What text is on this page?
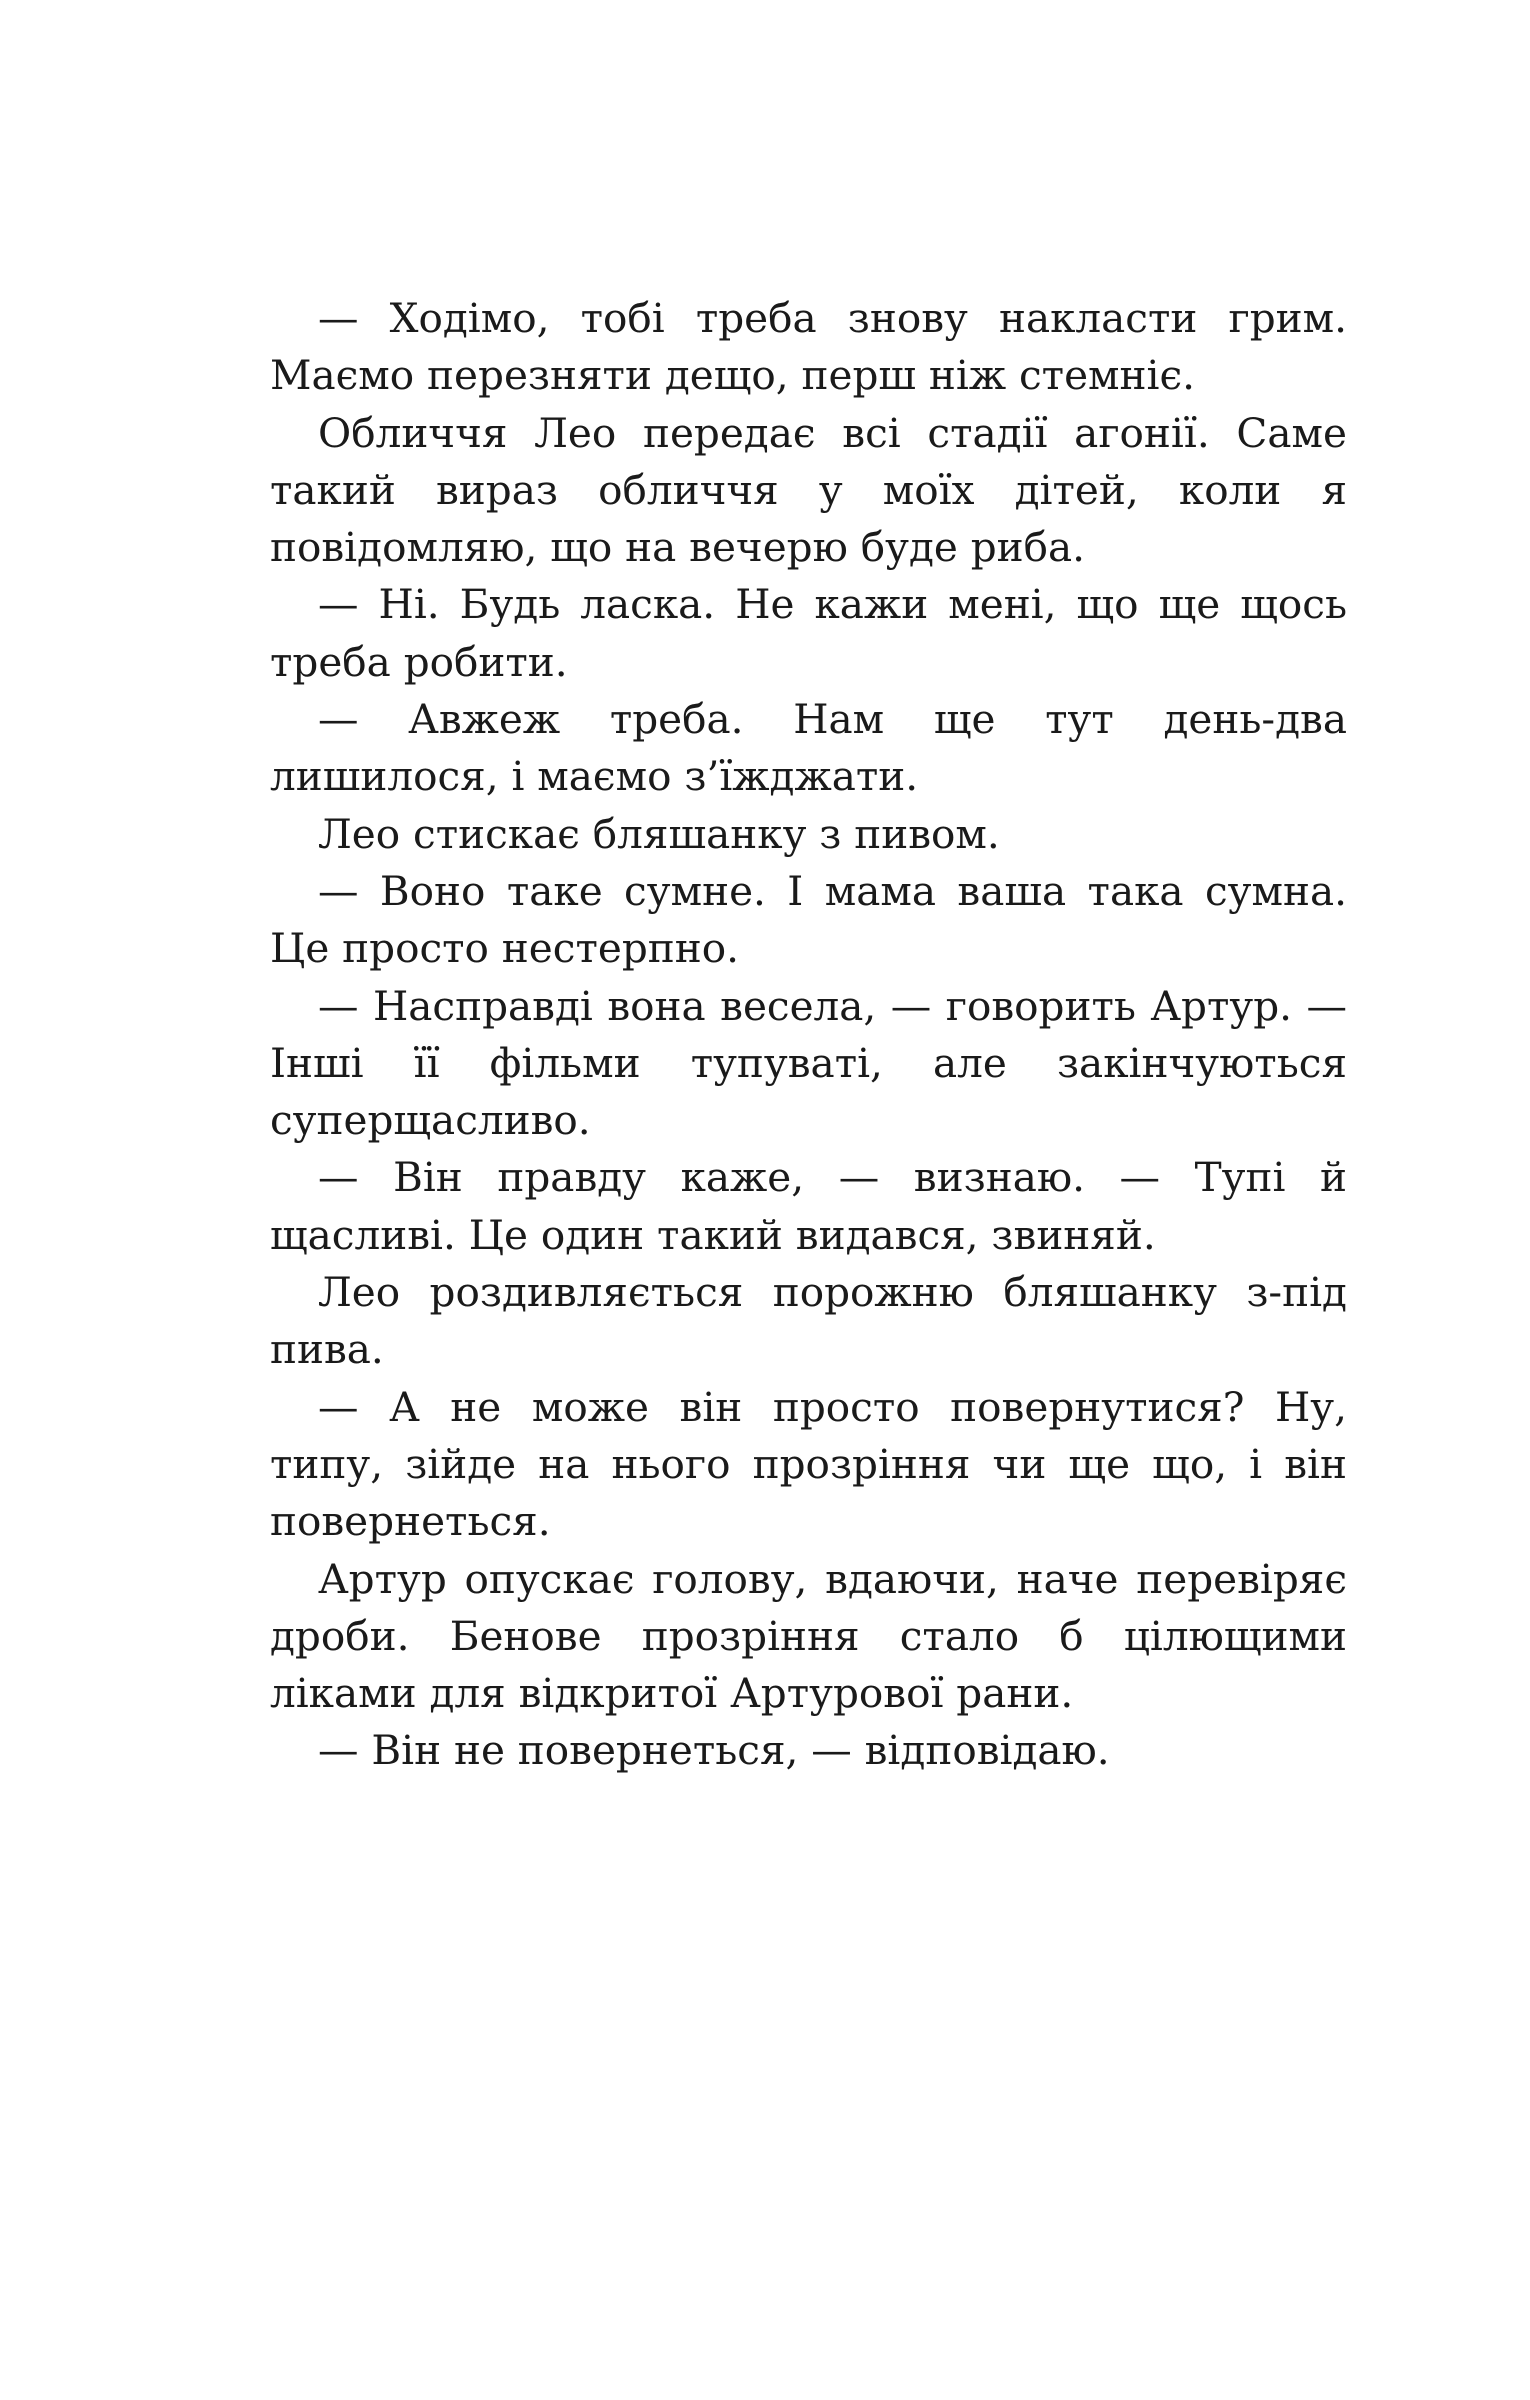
— Ходімо, тобі треба знову накласти грим. Маємо перезняти дещо, перш ніж стемніє.

Обличчя Лео передає всі стадії агонії. Саме такий вираз обличчя у моїх дітей, коли я повідомляю, що на вечерю буде риба.

— Ні. Будь ласка. Не кажи мені, що ще щось треба робити.

— Авжеж треба. Нам ще тут день-два лишилося, і маємо з’їжджати.

Лео стискає бляшанку з пивом.

— Воно таке сумне. І мама ваша така сумна. Це просто нестерпно.

— Насправді вона весела, — говорить Артур. — Інші її фільми тупуваті, але закінчуються суперщасливо.

— Він правду каже, — визнаю. — Тупі й щасливі. Це один такий видався, звиняй.

Лео роздивляється порожню бляшанку з-під пива.

— А не може він просто повернутися? Ну, типу, зійде на нього прозріння чи ще що, і він повернеться.

Артур опускає голову, вдаючи, наче перевіряє дроби. Бенове прозріння стало б цілющими ліками для відкритої Артурової рани.

— Він не повернеться, — відповідаю.
